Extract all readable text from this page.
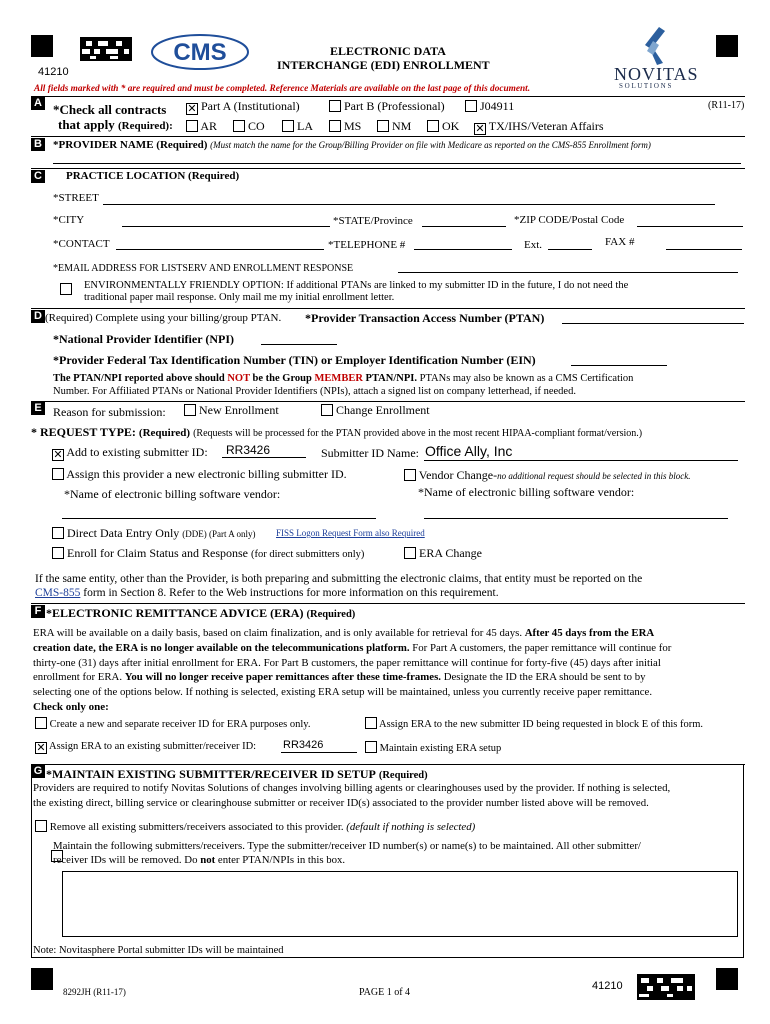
41210
CMS	ELECTRONIC DATA
INTERCHANGE (EDI) ENROLLMENT	NOVITAS
S O L U T I O N S
All fields marked with * are required and must be completed. Reference Materials are available on the last page of this document.
A *Check all contracts
that apply (Required):
(R11-17)
✕ Part A (Institutional)	Part B (Professional)	J04911
AR	CO	LA	MS	NM	OK ✕ TX/IHS/Veteran Affairs
B *PROVIDER NAME (Required) (Must match the name for the Group/Billing Provider on file with Medicare as reported on the CMS-855 Enrollment form)
C PRACTICE LOCATION (Required)
*STREET
*CITY	*STATE/Province	*ZIP CODE/Postal Code
*CONTACT	*TELEPHONE #	Ext.	FAX #
*EMAIL ADDRESS FOR LISTSERV AND ENROLLMENT RESPONSE

ENVIRONMENTALLY FRIENDLY OPTION: If additional PTANs are linked to my submitter ID in the future, I do not need the
traditional paper mail response. Only mail me my initial enrollment letter.
D (Required) Complete using your billing/group PTAN. *Provider Transaction Access Number (PTAN)
*National Provider Identifier (NPI)
*Provider Federal Tax Identification Number (TIN) or Employer Identification Number (EIN)
The PTAN/NPI reported above should NOT be the Group MEMBER PTAN/NPI. PTANs may also be known as a CMS Certification
Number. For Affiliated PTANs or National Provider Identifiers (NPIs), attach a signed list on company letterhead, if needed.
E Reason for submission:	New Enrollment	Change Enrollment
* REQUEST TYPE: (Required) (Requests will be processed for the PTAN provided above in the most recent HIPAA-compliant format/version.)
✕ Add to existing submitter ID: RR3426	Submitter ID Name: Office Ally, Inc
Assign this provider a new electronic billing submitter ID.
*Name of electronic billing software vendor:
Vendor Change-no additional request should be selected in this block.
*Name of electronic billing software vendor:
Direct Data Entry Only (DDE) (Part A only) FISS Logon Request Form also Required
Enroll for Claim Status and Response (for direct submitters only)	ERA Change
If the same entity, other than the Provider, is both preparing and submitting the electronic claims, that entity must be reported on the
CMS-855 form in Section 8. Refer to the Web instructions for more information on this requirement.
F *ELECTRONIC REMITTANCE ADVICE (ERA) (Required)
ERA will be available on a daily basis, based on claim finalization, and is only available for retrieval for 45 days. After 45 days from the ERA
creation date, the ERA is no longer available on the telecommunications platform. For Part A customers, the paper remittance will continue for
thirty-one (31) days after initial enrollment for ERA. For Part B customers, the paper remittance will continue for forty-five (45) days after initial
enrollment for ERA. You will no longer receive paper remittances after these time-frames. Designate the ID the ERA should be sent to by
selecting one of the options below. If nothing is selected, existing ERA setup will be maintained, unless you currently receive paper remittance.
Check only one:
Create a new and separate receiver ID for ERA purposes only.	Assign ERA to the new submitter ID being requested in block E of this form.
✕ Assign ERA to an existing submitter/receiver ID: RR3426	Maintain existing ERA setup
G *MAINTAIN EXISTING SUBMITTER/RECEIVER ID SETUP (Required)
Providers are required to notify Novitas Solutions of changes involving billing agents or clearinghouses used by the provider. If nothing is selected,
the existing direct, billing service or clearinghouse submitter or receiver ID(s) associated to the provider number listed above will be removed.
Remove all existing submitters/receivers associated to this provider. (default if nothing is selected)
Maintain the following submitters/receivers. Type the submitter/receiver ID number(s) or name(s) to be maintained. All other submitter/
receiver IDs will be removed. Do not enter PTAN/NPIs in this box.
Note: Novitasphere Portal submitter IDs will be maintained
8292JH (R11-17)	PAGE 1 of 4
41210
